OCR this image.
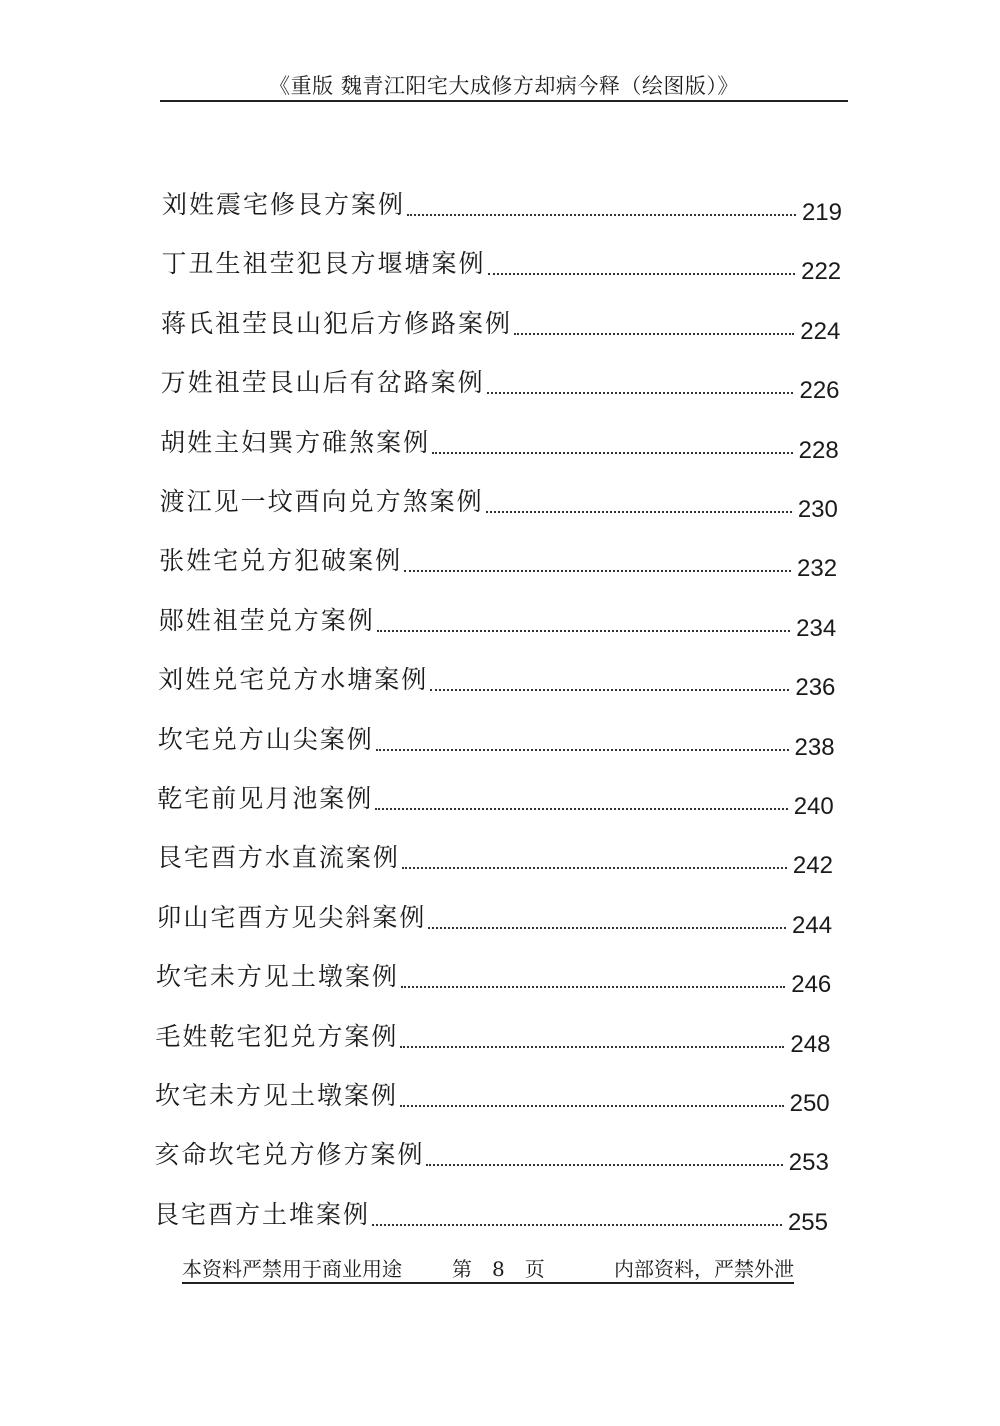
《重版 魏青江阳宅大成修方却病今释（绘图版）》
刘姓震宅修艮方案例	219
丁丑生祖茔犯艮方堰塘案例	222
蒋氏祖茔艮山犯后方修路案例	224
万姓祖茔艮山后有岔路案例	226
胡姓主妇巽方碓煞案例	228
渡江见一坟酉向兑方煞案例	230
张姓宅兑方犯破案例	232
郧姓祖茔兑方案例	234
刘姓兑宅兑方水塘案例	236
坎宅兑方山尖案例	238
乾宅前见月池案例	240
艮宅酉方水直流案例	242
卯山宅酉方见尖斜案例	244
坎宅未方见土墩案例	246
毛姓乾宅犯兑方案例	248
坎宅未方见土墩案例	250
亥命坎宅兑方修方案例	253
艮宅酉方土堆案例	255
本资料严禁用于商业用途	第　8　页	内部资料，严禁外泄
